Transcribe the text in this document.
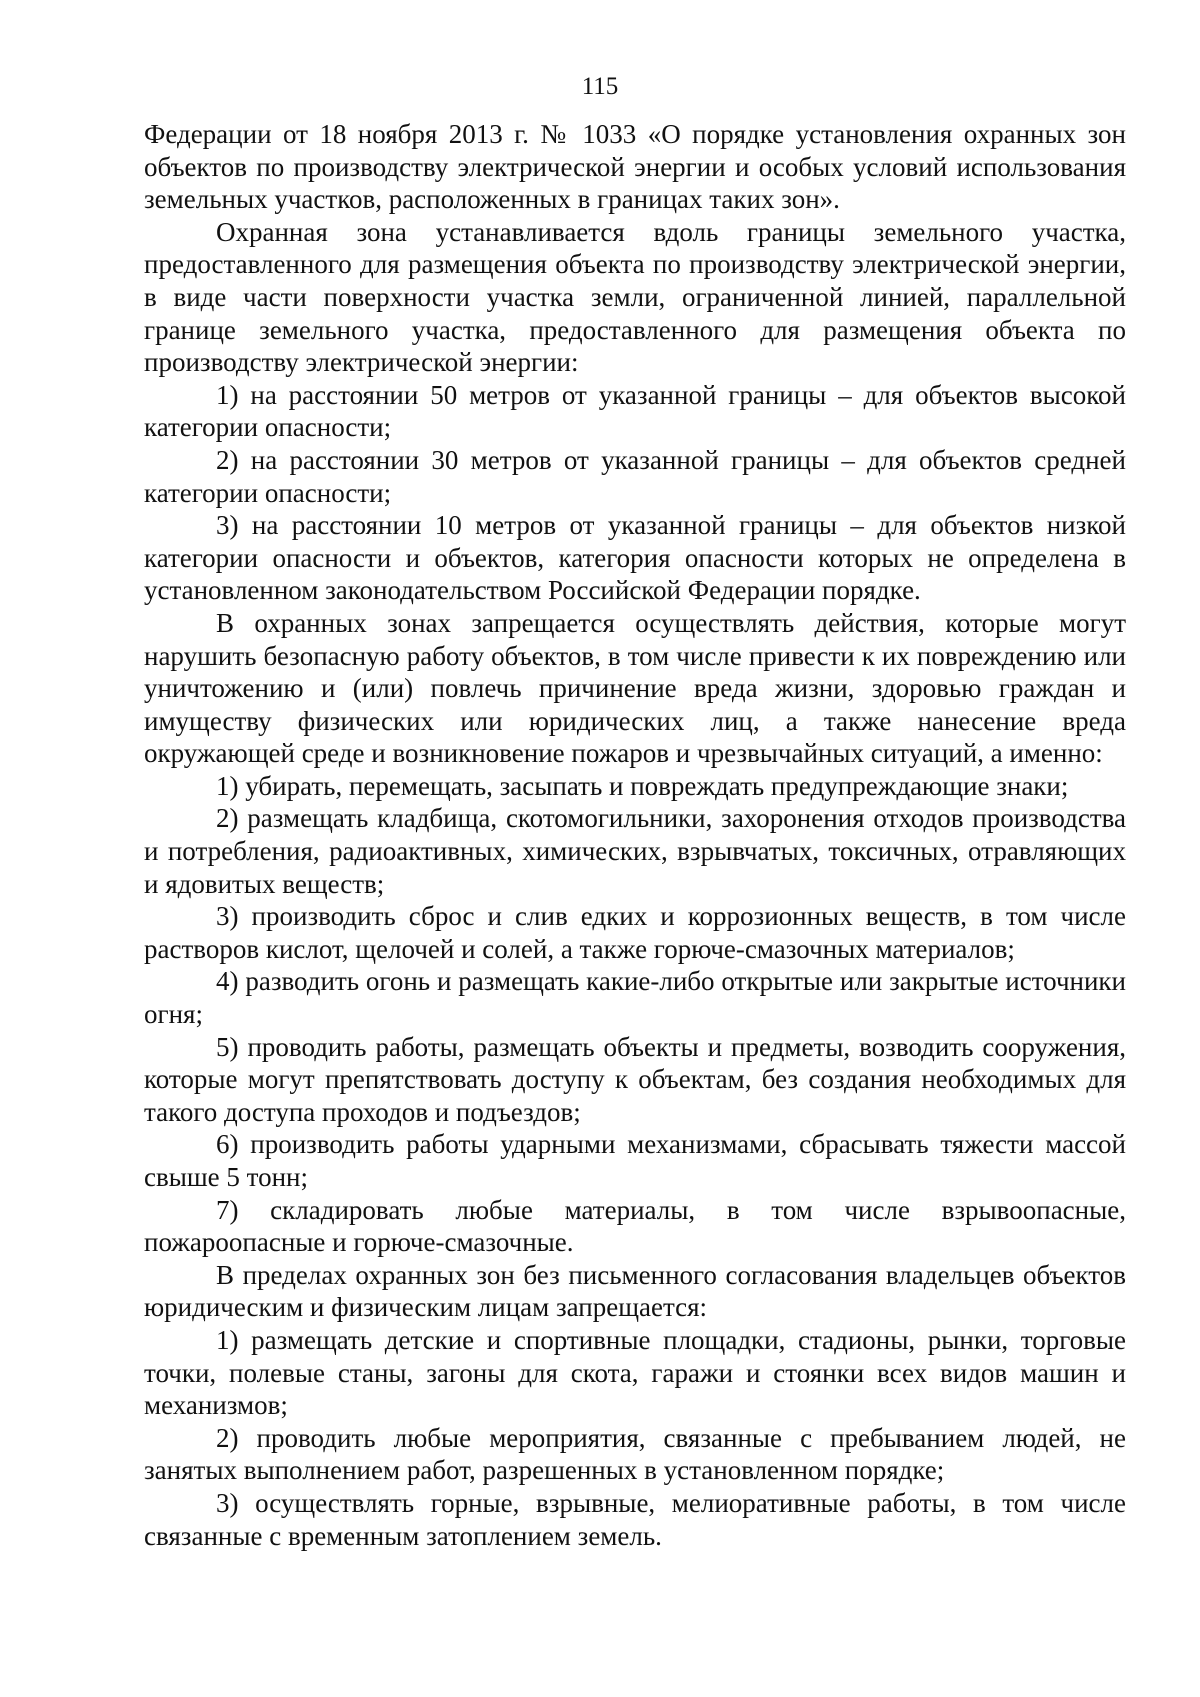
115

Федерации от 18 ноября 2013 г. № 1033 «О порядке установления охранных зон объектов по производству электрической энергии и особых условий использования земельных участков, расположенных в границах таких зон».

Охранная зона устанавливается вдоль границы земельного участка, предоставленного для размещения объекта по производству электрической энергии, в виде части поверхности участка земли, ограниченной линией, параллельной границе земельного участка, предоставленного для размещения объекта по производству электрической энергии:

1) на расстоянии 50 метров от указанной границы – для объектов высокой категории опасности;

2) на расстоянии 30 метров от указанной границы – для объектов средней категории опасности;

3) на расстоянии 10 метров от указанной границы – для объектов низкой категории опасности и объектов, категория опасности которых не определена в установленном законодательством Российской Федерации порядке.

В охранных зонах запрещается осуществлять действия, которые могут нарушить безопасную работу объектов, в том числе привести к их повреждению или уничтожению и (или) повлечь причинение вреда жизни, здоровью граждан и имуществу физических или юридических лиц, а также нанесение вреда окружающей среде и возникновение пожаров и чрезвычайных ситуаций, а именно:

1) убирать, перемещать, засыпать и повреждать предупреждающие знаки;

2) размещать кладбища, скотомогильники, захоронения отходов производства и потребления, радиоактивных, химических, взрывчатых, токсичных, отравляющих и ядовитых веществ;

3) производить сброс и слив едких и коррозионных веществ, в том числе растворов кислот, щелочей и солей, а также горюче-смазочных материалов;

4) разводить огонь и размещать какие-либо открытые или закрытые источники огня;

5) проводить работы, размещать объекты и предметы, возводить сооружения, которые могут препятствовать доступу к объектам, без создания необходимых для такого доступа проходов и подъездов;

6) производить работы ударными механизмами, сбрасывать тяжести массой свыше 5 тонн;

7) складировать любые материалы, в том числе взрывоопасные, пожароопасные и горюче-смазочные.

В пределах охранных зон без письменного согласования владельцев объектов юридическим и физическим лицам запрещается:

1) размещать детские и спортивные площадки, стадионы, рынки, торговые точки, полевые станы, загоны для скота, гаражи и стоянки всех видов машин и механизмов;

2) проводить любые мероприятия, связанные с пребыванием людей, не занятых выполнением работ, разрешенных в установленном порядке;

3) осуществлять горные, взрывные, мелиоративные работы, в том числе связанные с временным затоплением земель.
